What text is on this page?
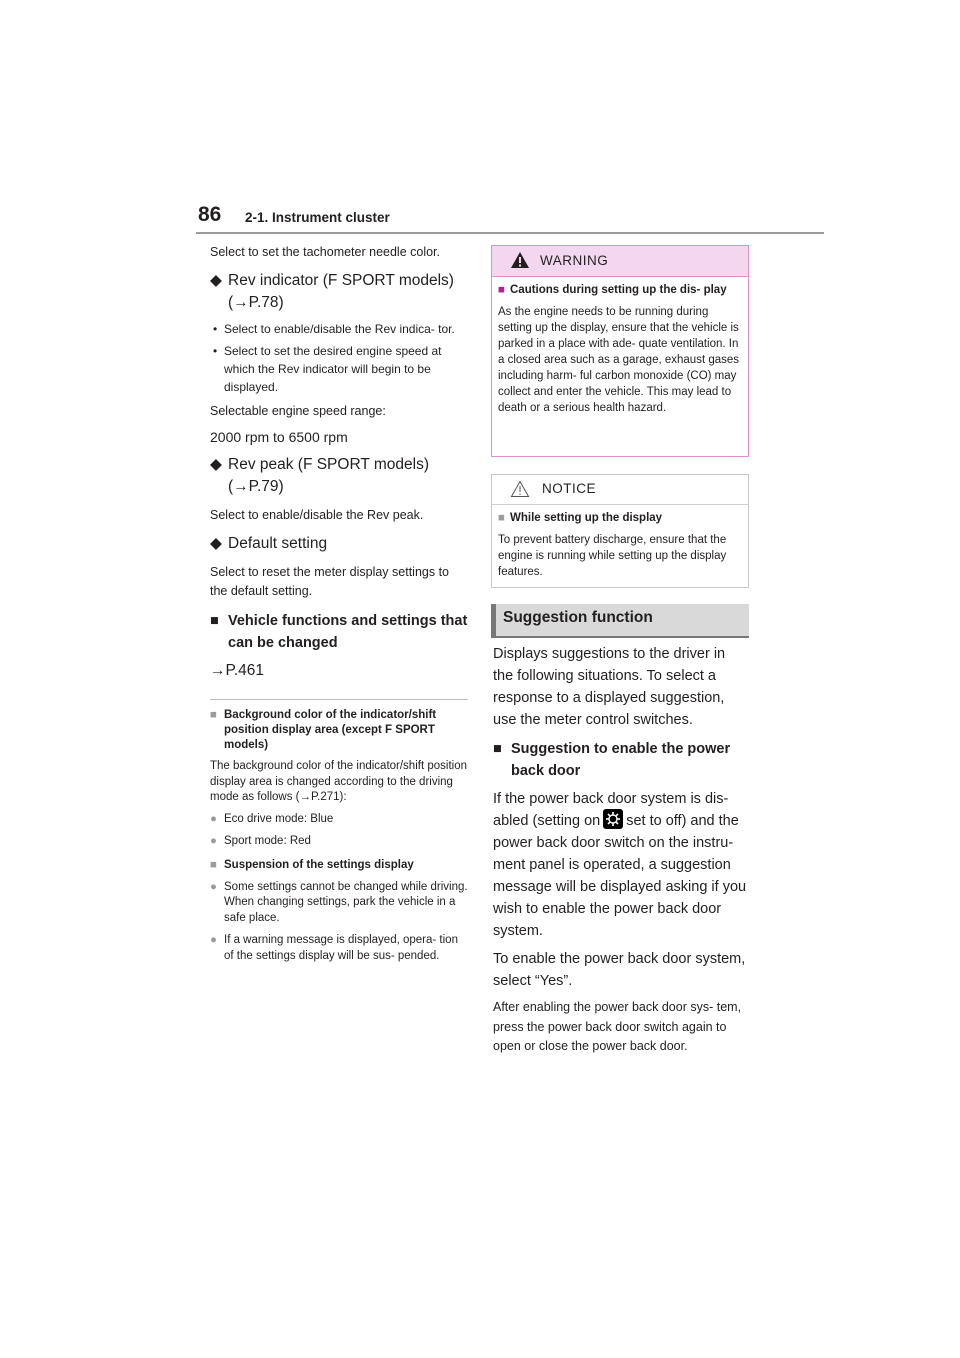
86 2-1. Instrument cluster

Select to set the tachometer needle color.

◆ Rev indicator (F SPORT models)
(→P.78)
• Select to enable/disable the Rev indica- tor.
• Select to set the desired engine speed at which the Rev indicator will begin to be displayed.

Selectable engine speed range:

2000 rpm to 6500 rpm

◆ Rev peak (F SPORT models)
(→P.79)

Select to enable/disable the Rev peak.

◆ Default setting

Select to reset the meter display settings to the default setting.

■ Vehicle functions and settings that can be changed

→P.461

■ Background color of the indicator/shift position display area (except F SPORT models)

The background color of the indicator/shift position display area is changed according to the driving mode as follows (→P.271):

● Eco drive mode: Blue
● Sport mode: Red
■ Suspension of the settings display
● Some settings cannot be changed while driving. When changing settings, park the vehicle in a safe place.
● If a warning message is displayed, opera- tion of the settings display will be sus- pended.
WARNING
■ Cautions during setting up the dis- play

As the engine needs to be running during setting up the display, ensure that the vehicle is parked in a place with ade- quate ventilation. In a closed area such as a garage, exhaust gases including harm- ful carbon monoxide (CO) may collect and enter the vehicle. This may lead to death or a serious health hazard.

NOTICE
■ While setting up the display

To prevent battery discharge, ensure that the engine is running while setting up the display features.

Suggestion function

Displays suggestions to the driver in the following situations. To select a response to a displayed suggestion, use the meter control switches.

■ Suggestion to enable the power back door

If the power back door system is dis- abled (setting on set to off) and the power back door switch on the instru- ment panel is operated, a suggestion message will be displayed asking if you wish to enable the power back door system.

To enable the power back door system, select “Yes”.

After enabling the power back door sys- tem, press the power back door switch again to open or close the power back door.
